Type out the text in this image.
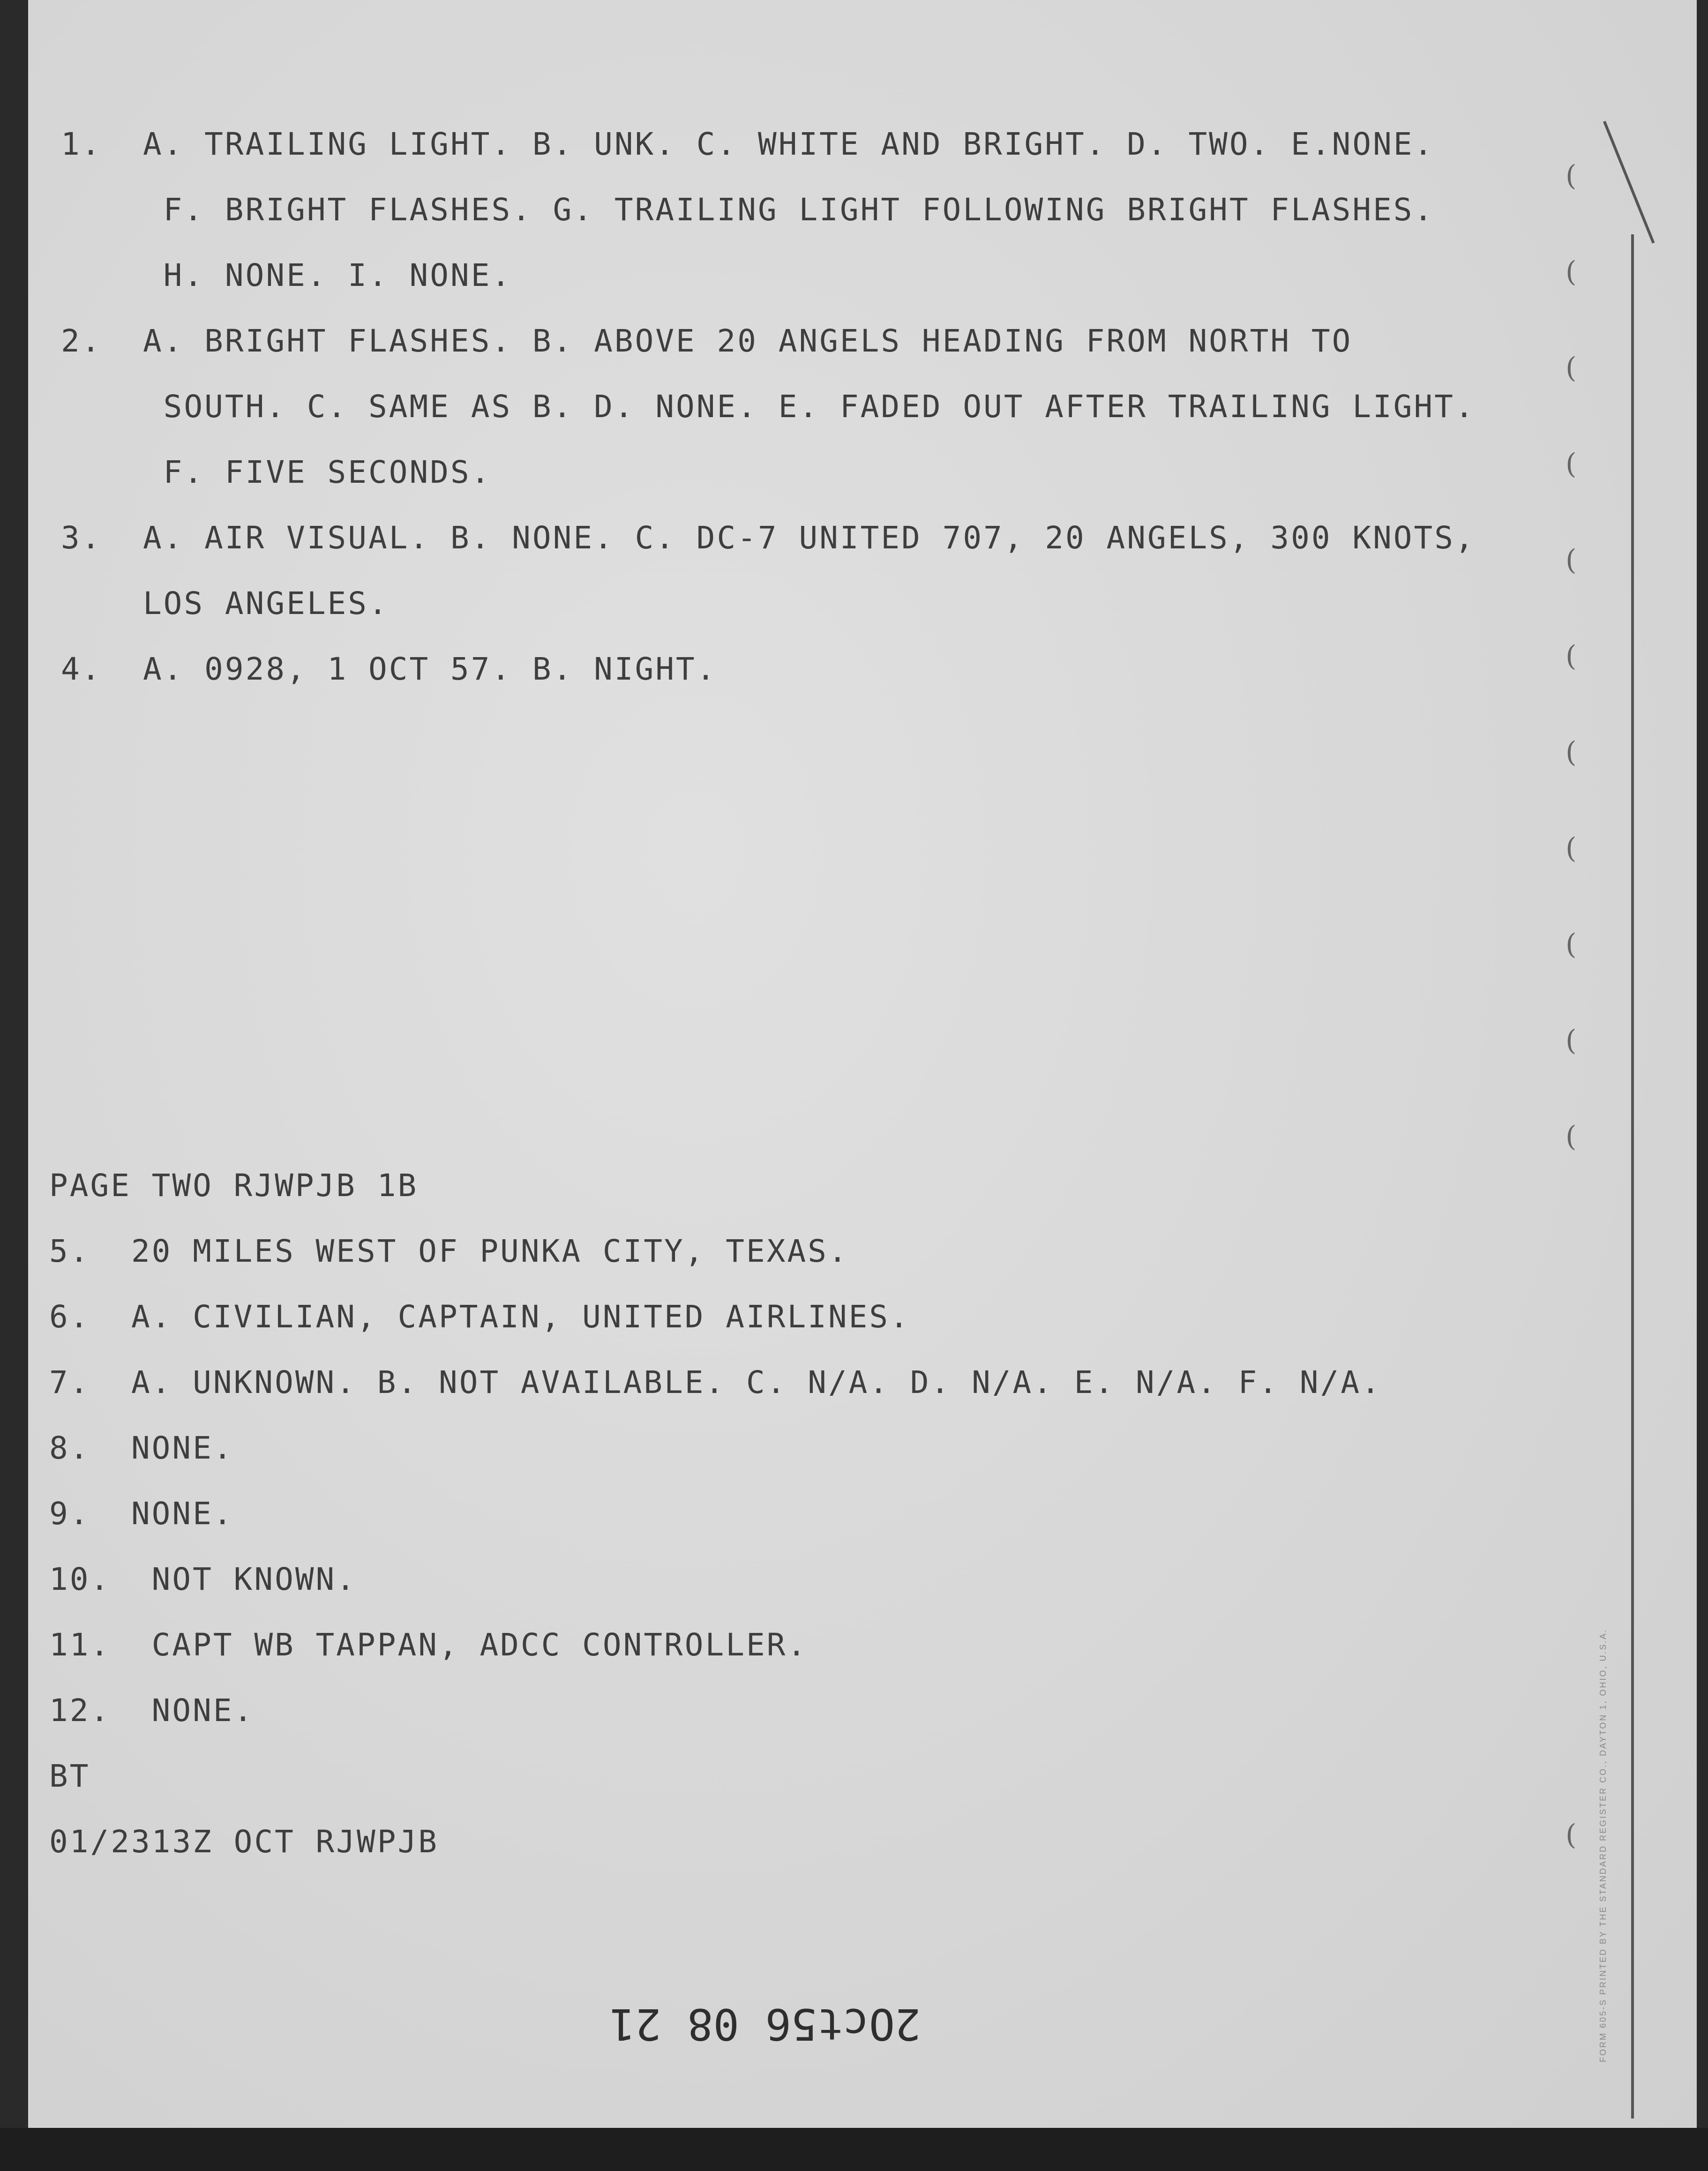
1.  A. TRAILING LIGHT. B. UNK. C. WHITE AND BRIGHT. D. TWO. E.NONE.

F. BRIGHT FLASHES. G. TRAILING LIGHT FOLLOWING BRIGHT FLASHES.

H. NONE. I. NONE.

2.  A. BRIGHT FLASHES. B. ABOVE 20 ANGELS HEADING FROM NORTH TO

SOUTH. C. SAME AS B. D. NONE. E. FADED OUT AFTER TRAILING LIGHT.

F. FIVE SECONDS.

3.  A. AIR VISUAL. B. NONE. C. DC-7 UNITED 707, 20 ANGELS, 300 KNOTS,

LOS ANGELES.

4.  A. 0928, 1 OCT 57. B. NIGHT.

PAGE TWO RJWPJB 1B

5.  20 MILES WEST OF PUNKA CITY, TEXAS.

6.  A. CIVILIAN, CAPTAIN, UNITED AIRLINES.

7.  A. UNKNOWN. B. NOT AVAILABLE. C. N/A. D. N/A. E. N/A. F. N/A.

8.  NONE.

9.  NONE.

10.  NOT KNOWN.

11.  CAPT WB TAPPAN, ADCC CONTROLLER.

12.  NONE.

BT

01/2313Z OCT RJWPJB

(
(
(
(
(
(
(
(
(
(
(
(	FORM 605-S PRINTED BY THE STANDARD REGISTER CO., DAYTON 1, OHIO, U.S.A.
2Oct56 08 21
